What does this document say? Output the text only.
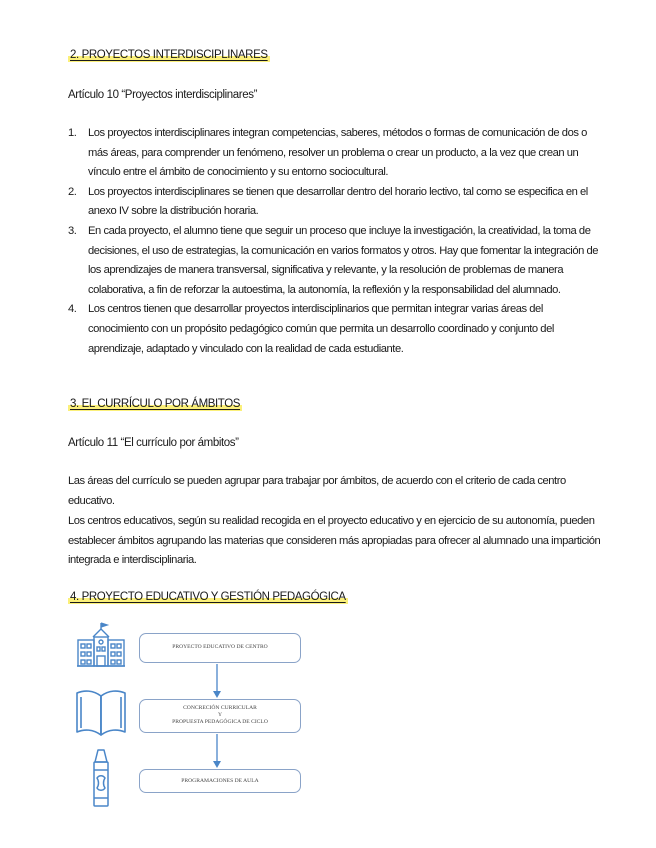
2. PROYECTOS INTERDISCIPLINARES
Artículo 10 “Proyectos interdisciplinares”
1. Los proyectos interdisciplinares integran competencias, saberes, métodos o formas de comunicación de dos o más áreas, para comprender un fenómeno, resolver un problema o crear un producto, a la vez que crean un vínculo entre el ámbito de conocimiento y su entorno sociocultural.
2. Los proyectos interdisciplinares se tienen que desarrollar dentro del horario lectivo, tal como se especifica en el anexo IV sobre la distribución horaria.
3. En cada proyecto, el alumno tiene que seguir un proceso que incluye la investigación, la creatividad, la toma de decisiones, el uso de estrategias, la comunicación en varios formatos y otros. Hay que fomentar la integración de los aprendizajes de manera transversal, significativa y relevante, y la resolución de problemas de manera colaborativa, a fin de reforzar la autoestima, la autonomía, la reflexión y la responsabilidad del alumnado.
4. Los centros tienen que desarrollar proyectos interdisciplinarios que permitan integrar varias áreas del conocimiento con un propósito pedagógico común que permita un desarrollo coordinado y conjunto del aprendizaje, adaptado y vinculado con la realidad de cada estudiante.
3. EL CURRÍCULO POR ÁMBITOS
Artículo 11 “El currículo por ámbitos”

Las áreas del currículo se pueden agrupar para trabajar por ámbitos, de acuerdo con el criterio de cada centro educativo.

Los centros educativos, según su realidad recogida en el proyecto educativo y en ejercicio de su autonomía, pueden establecer ámbitos agrupando las materias que consideren más apropiadas para ofrecer al alumnado una impartición integrada e interdisciplinaria.

4. PROYECTO EDUCATIVO Y GESTIÓN PEDAGÓGICA
PROYECTO EDUCATIVO DE CENTRO
CONCRECIÓN CURRICULAR
Y
PROPUESTA PEDAGÓGICA DE CICLO
PROGRAMACIONES DE AULA
